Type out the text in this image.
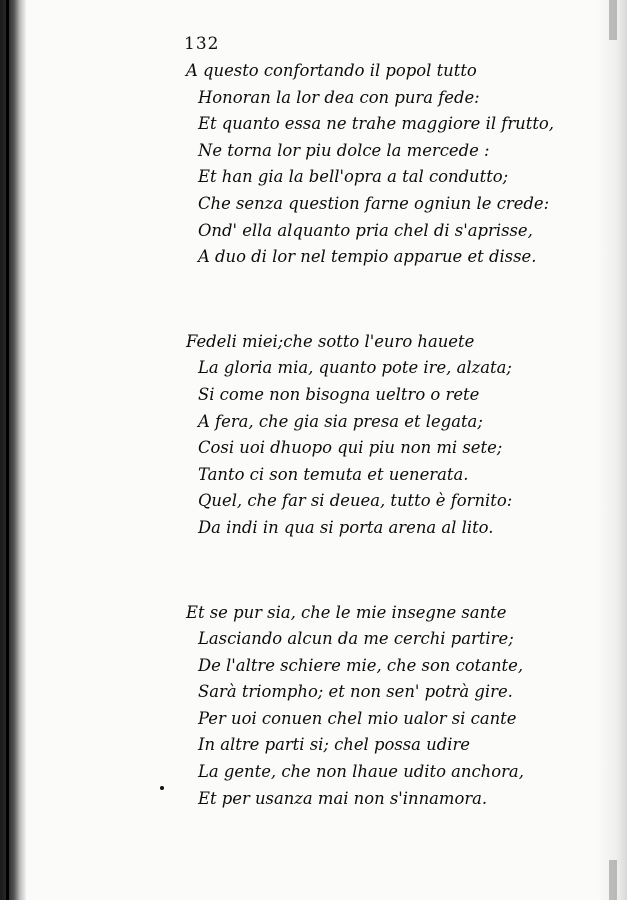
132
A questo confortando il popol tutto
Honoran la lor dea con pura fede:
Et quanto essa ne trahe maggiore il frutto,
Ne torna lor piu dolce la mercede :
Et han gia la bell'opra a tal condutto;
Che senza question farne ogniun le crede:
Ond' ella alquanto pria chel di s'aprisse,
A duo di lor nel tempio apparue et disse.
Fedeli miei;che sotto l'euro hauete
La gloria mia, quanto pote ire, alzata;
Si come non bisogna ueltro o rete
A fera, che gia sia presa et legata;
Cosi uoi dhuopo qui piu non mi sete;
Tanto ci son temuta et uenerata.
Quel, che far si deuea, tutto è fornito:
Da indi in qua si porta arena al lito.
Et se pur sia, che le mie insegne sante
Lasciando alcun da me cerchi partire;
De l'altre schiere mie, che son cotante,
Sarà triompho; et non sen' potrà gire.
Per uoi conuen chel mio ualor si cante
In altre parti si; chel possa udire
La gente, che non lhaue udito anchora,
Et per usanza mai non s'innamora.
